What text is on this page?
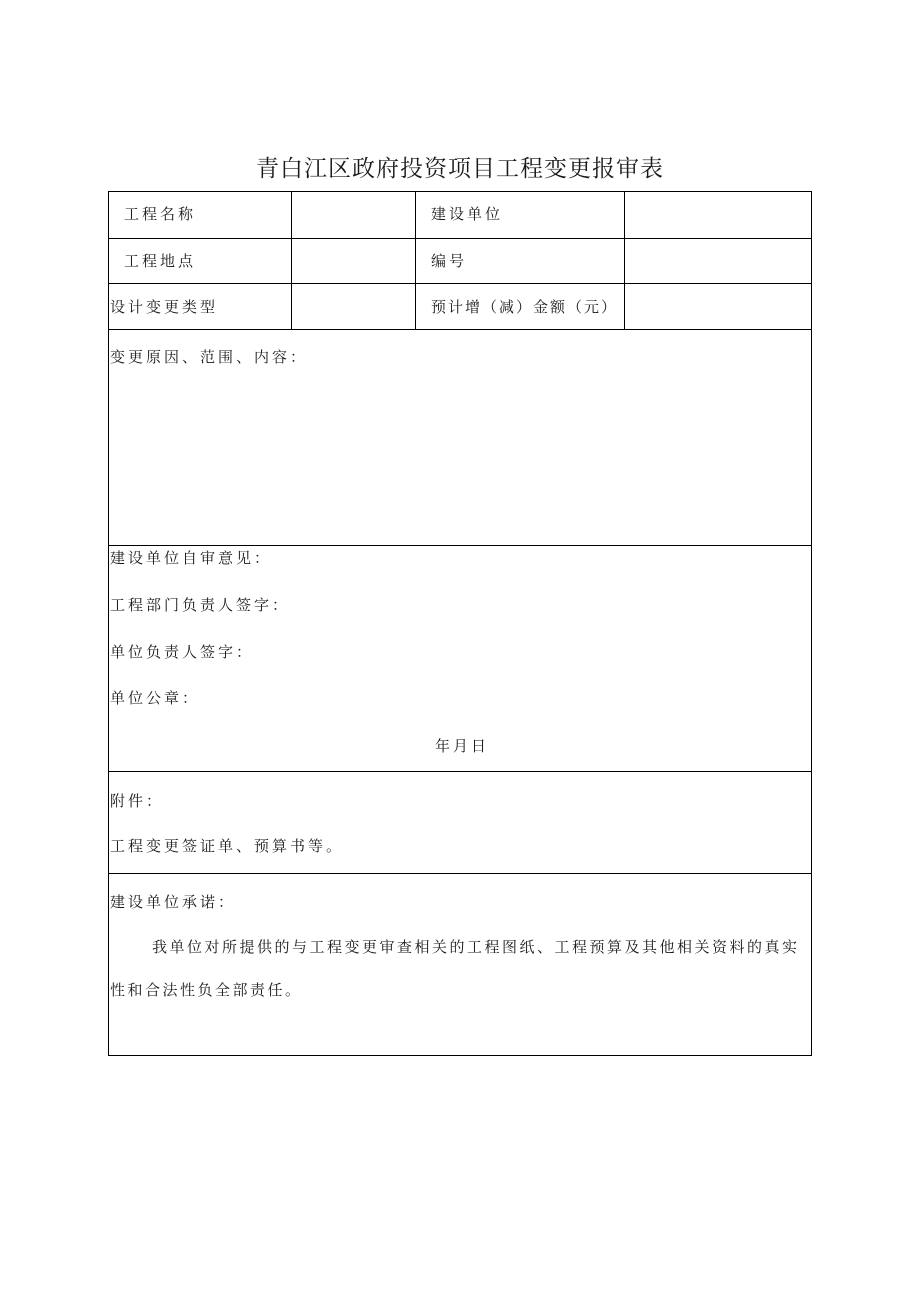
青白江区政府投资项目工程变更报审表
工程名称	建设单位
工程地点	编号
设计变更类型	预计增（减）金额（元）
变更原因、范围、内容：
建设单位自审意见：
工程部门负责人签字：
单位负责人签字：
单位公章：
年月日
附件：
工程变更签证单、预算书等。
建设单位承诺：
我单位对所提供的与工程变更审查相关的工程图纸、工程预算及其他相关资料的真实性和合法性负全部责任。
